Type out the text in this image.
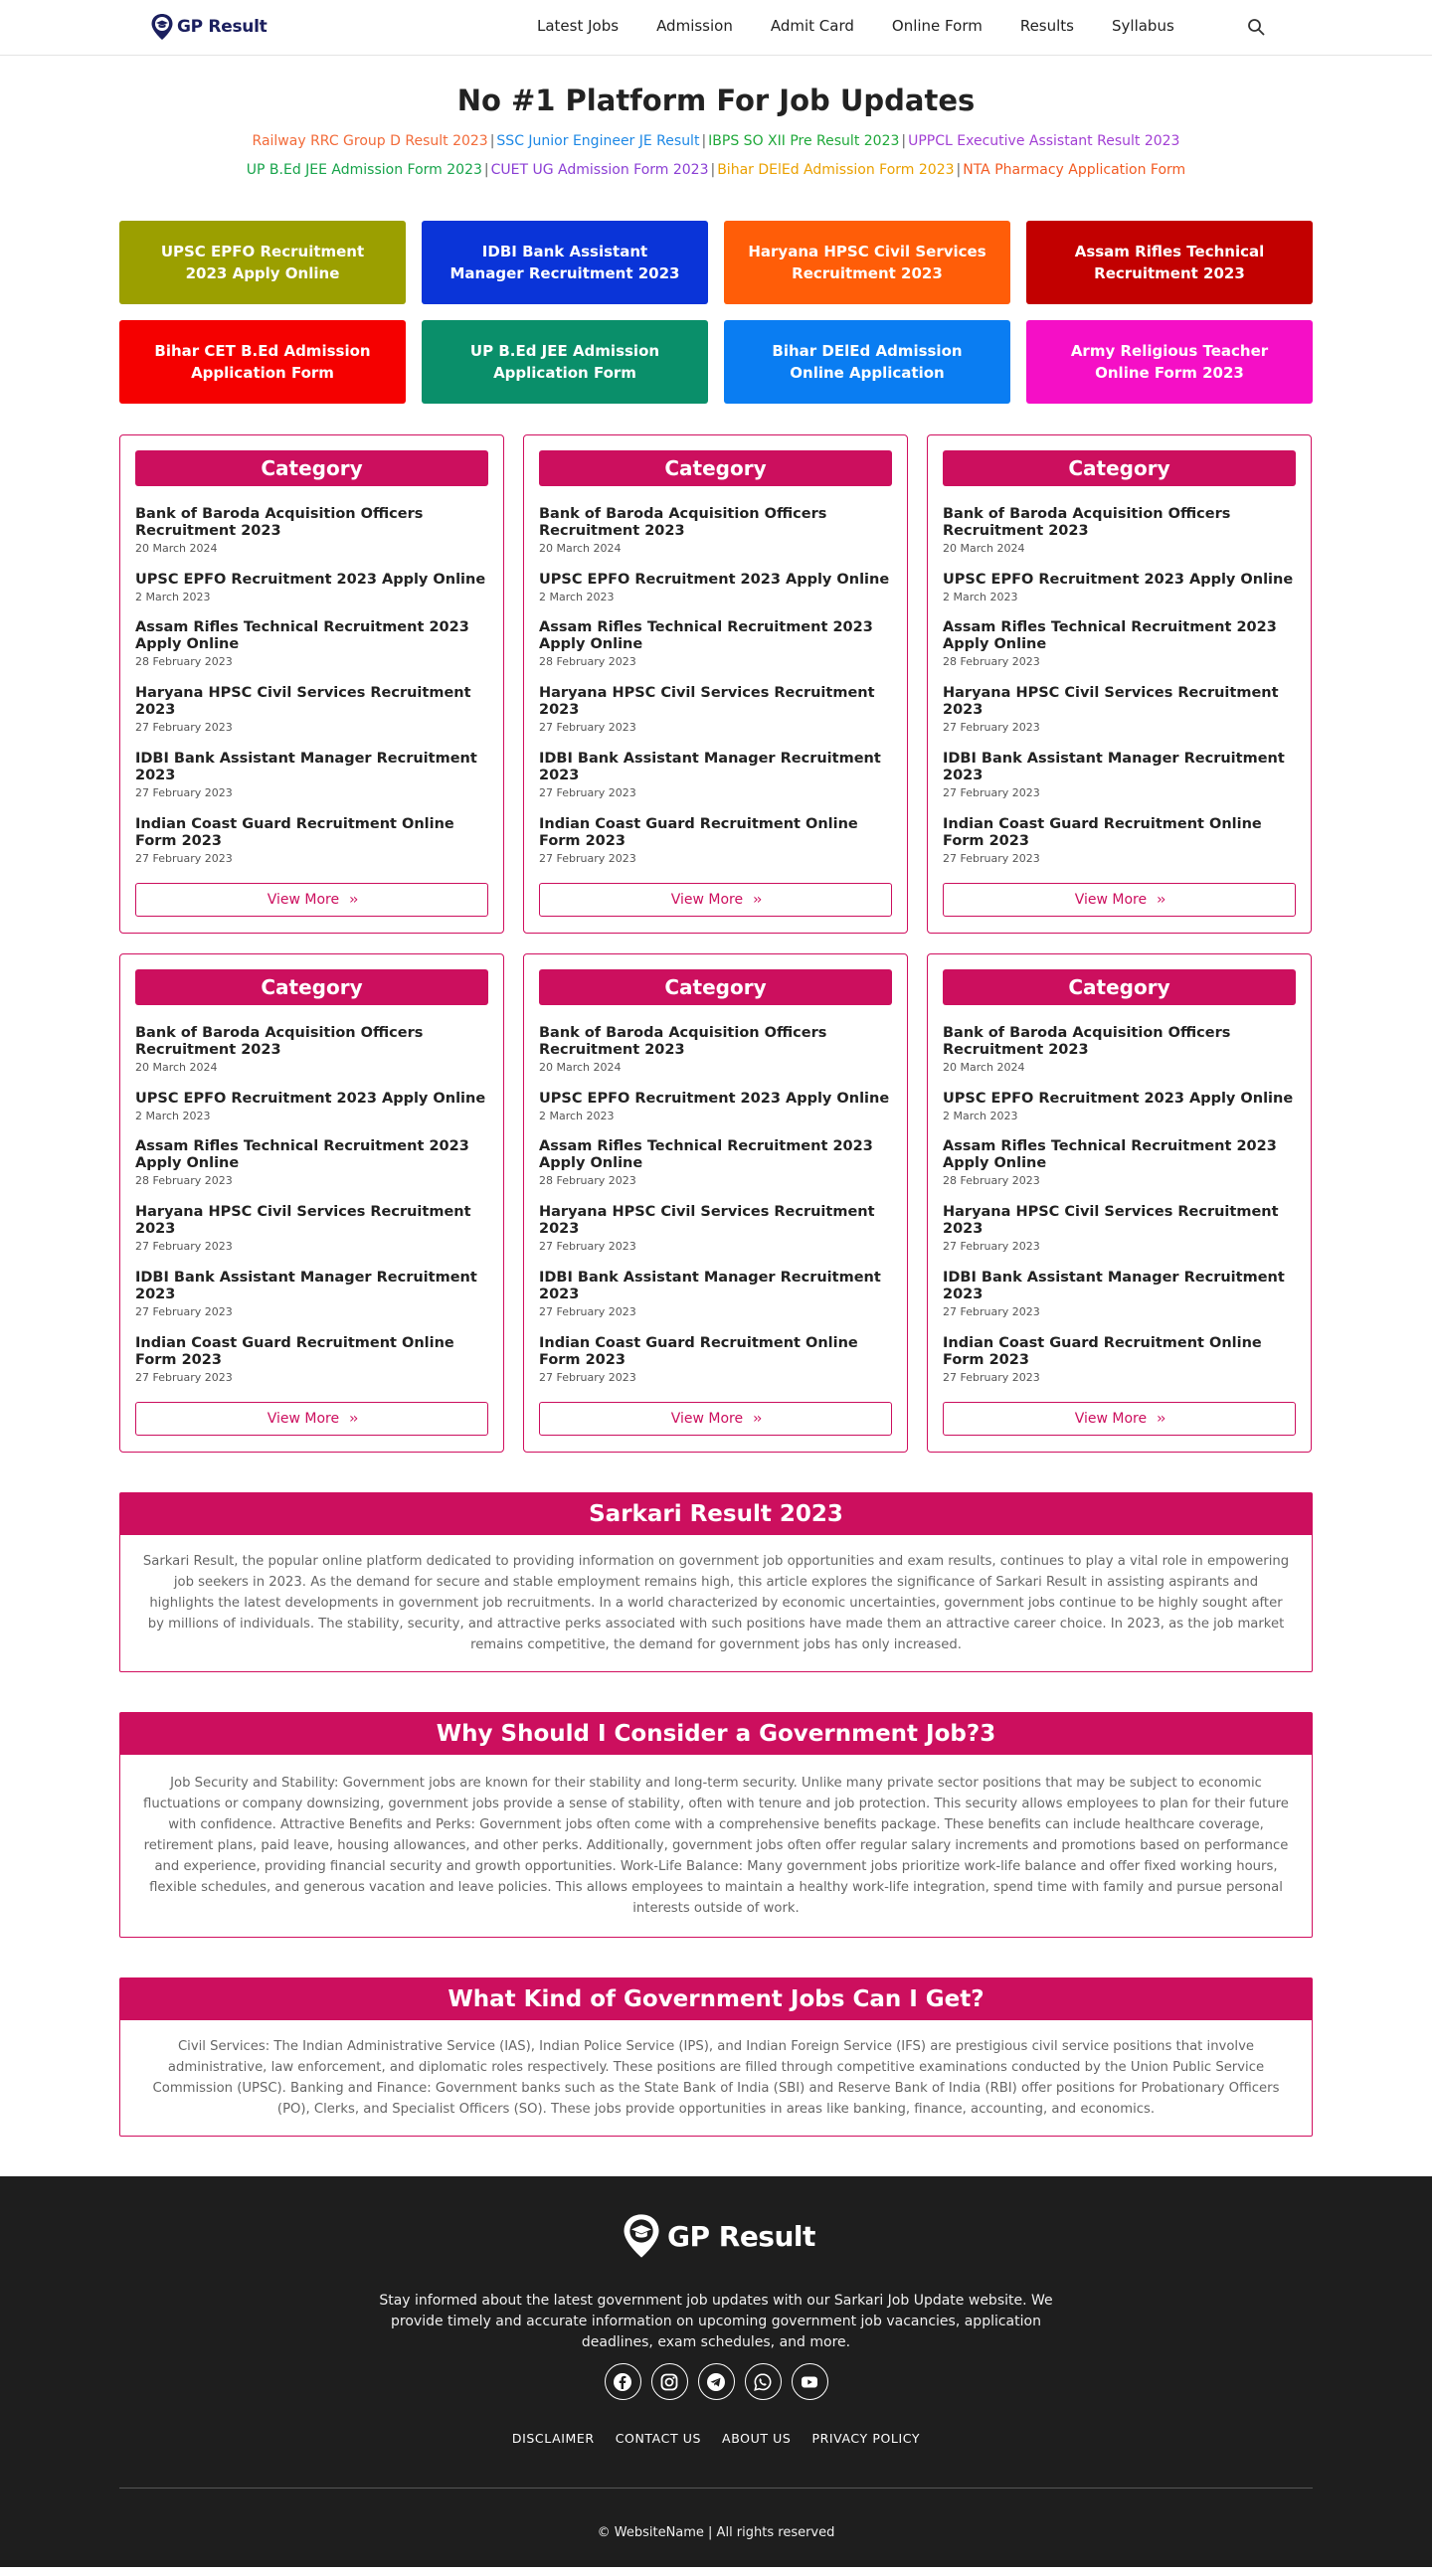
GP Result	Latest Jobs	Admission	Admit Card	Online Form	Results	Syllabus
No #1 Platform For Job Updates
Railway RRC Group D Result 2023 | SSC Junior Engineer JE Result | IBPS SO XII Pre Result 2023 | UPPCL Executive Assistant Result 2023
UP B.Ed JEE Admission Form 2023 | CUET UG Admission Form 2023 | Bihar DElEd Admission Form 2023 | NTA Pharmacy Application Form
UPSC EPFO Recruitment 2023 Apply Online
IDBI Bank Assistant Manager Recruitment 2023
Haryana HPSC Civil Services Recruitment 2023
Assam Rifles Technical Recruitment 2023
Bihar CET B.Ed Admission Application Form
UP B.Ed JEE Admission Application Form
Bihar DElEd Admission Online Application
Army Religious Teacher Online Form 2023
Category
Bank of Baroda Acquisition Officers Recruitment 2023
20 March 2024
UPSC EPFO Recruitment 2023 Apply Online
2 March 2023
Assam Rifles Technical Recruitment 2023 Apply Online
28 February 2023
Haryana HPSC Civil Services Recruitment 2023
27 February 2023
IDBI Bank Assistant Manager Recruitment 2023
27 February 2023
Indian Coast Guard Recruitment Online Form 2023
27 February 2023
View More ››
Category
Bank of Baroda Acquisition Officers Recruitment 2023
20 March 2024
UPSC EPFO Recruitment 2023 Apply Online
2 March 2023
Assam Rifles Technical Recruitment 2023 Apply Online
28 February 2023
Haryana HPSC Civil Services Recruitment 2023
27 February 2023
IDBI Bank Assistant Manager Recruitment 2023
27 February 2023
Indian Coast Guard Recruitment Online Form 2023
27 February 2023
View More ››
Category
Bank of Baroda Acquisition Officers Recruitment 2023
20 March 2024
UPSC EPFO Recruitment 2023 Apply Online
2 March 2023
Assam Rifles Technical Recruitment 2023 Apply Online
28 February 2023
Haryana HPSC Civil Services Recruitment 2023
27 February 2023
IDBI Bank Assistant Manager Recruitment 2023
27 February 2023
Indian Coast Guard Recruitment Online Form 2023
27 February 2023
View More ››
Category
Bank of Baroda Acquisition Officers Recruitment 2023
20 March 2024
UPSC EPFO Recruitment 2023 Apply Online
2 March 2023
Assam Rifles Technical Recruitment 2023 Apply Online
28 February 2023
Haryana HPSC Civil Services Recruitment 2023
27 February 2023
IDBI Bank Assistant Manager Recruitment 2023
27 February 2023
Indian Coast Guard Recruitment Online Form 2023
27 February 2023
View More ››
Category
Bank of Baroda Acquisition Officers Recruitment 2023
20 March 2024
UPSC EPFO Recruitment 2023 Apply Online
2 March 2023
Assam Rifles Technical Recruitment 2023 Apply Online
28 February 2023
Haryana HPSC Civil Services Recruitment 2023
27 February 2023
IDBI Bank Assistant Manager Recruitment 2023
27 February 2023
Indian Coast Guard Recruitment Online Form 2023
27 February 2023
View More ››
Category
Bank of Baroda Acquisition Officers Recruitment 2023
20 March 2024
UPSC EPFO Recruitment 2023 Apply Online
2 March 2023
Assam Rifles Technical Recruitment 2023 Apply Online
28 February 2023
Haryana HPSC Civil Services Recruitment 2023
27 February 2023
IDBI Bank Assistant Manager Recruitment 2023
27 February 2023
Indian Coast Guard Recruitment Online Form 2023
27 February 2023
View More ››
Sarkari Result 2023

Sarkari Result, the popular online platform dedicated to providing information on government job opportunities and exam results, continues to play a vital role in empowering job seekers in 2023. As the demand for secure and stable employment remains high, this article explores the significance of Sarkari Result in assisting aspirants and highlights the latest developments in government job recruitments. In a world characterized by economic uncertainties, government jobs continue to be highly sought after by millions of individuals. The stability, security, and attractive perks associated with such positions have made them an attractive career choice. In 2023, as the job market remains competitive, the demand for government jobs has only increased.

Why Should I Consider a Government Job?3

Job Security and Stability: Government jobs are known for their stability and long-term security. Unlike many private sector positions that may be subject to economic fluctuations or company downsizing, government jobs provide a sense of stability, often with tenure and job protection. This security allows employees to plan for their future with confidence. Attractive Benefits and Perks: Government jobs often come with a comprehensive benefits package. These benefits can include healthcare coverage, retirement plans, paid leave, housing allowances, and other perks. Additionally, government jobs often offer regular salary increments and promotions based on performance and experience, providing financial security and growth opportunities. Work-Life Balance: Many government jobs prioritize work-life balance and offer fixed working hours, flexible schedules, and generous vacation and leave policies. This allows employees to maintain a healthy work-life integration, spend time with family and pursue personal interests outside of work.

What Kind of Government Jobs Can I Get?

Civil Services: The Indian Administrative Service (IAS), Indian Police Service (IPS), and Indian Foreign Service (IFS) are prestigious civil service positions that involve administrative, law enforcement, and diplomatic roles respectively. These positions are filled through competitive examinations conducted by the Union Public Service Commission (UPSC). Banking and Finance: Government banks such as the State Bank of India (SBI) and Reserve Bank of India (RBI) offer positions for Probationary Officers (PO), Clerks, and Specialist Officers (SO). These jobs provide opportunities in areas like banking, finance, accounting, and economics.

GP Result

Stay informed about the latest government job updates with our Sarkari Job Update website. We provide timely and accurate information on upcoming government job vacancies, application deadlines, exam schedules, and more.

DISCLAIMER CONTACT US ABOUT US PRIVACY POLICY

© WebsiteName | All rights reserved
